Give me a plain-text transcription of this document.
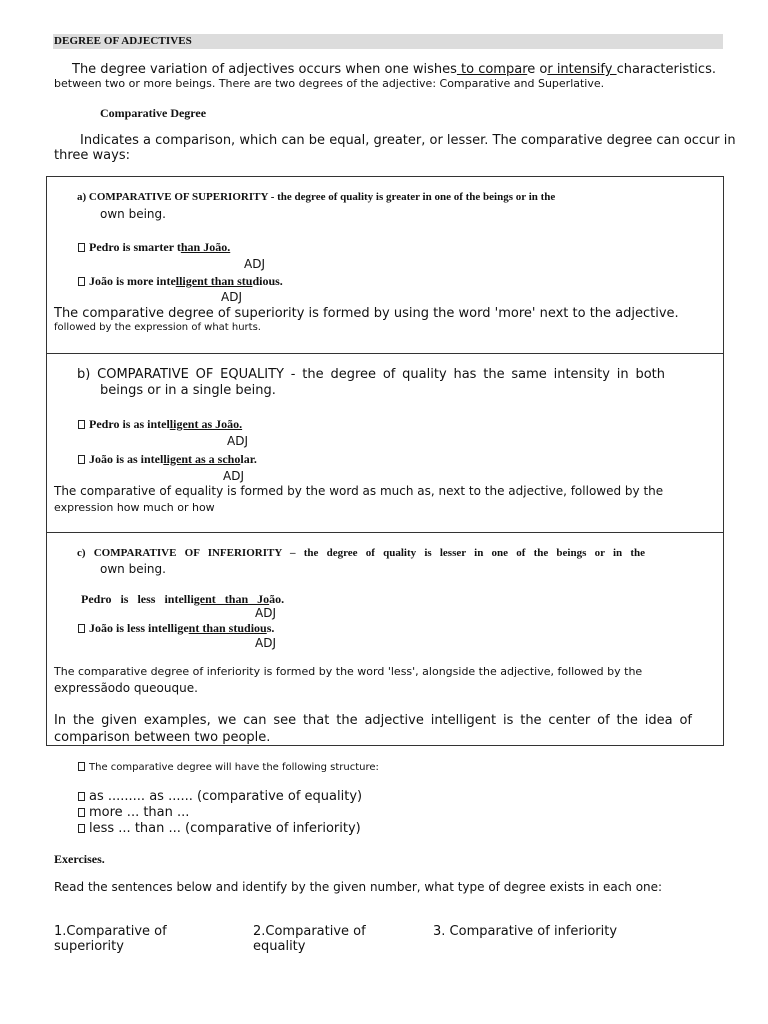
DEGREE OF ADJECTIVES
The degree variation of adjectives occurs when one wishes to compare or intensify characteristics.
between two or more beings. There are two degrees of the adjective: Comparative and Superlative.
Comparative Degree
Indicates a comparison, which can be equal, greater, or lesser. The comparative degree can occur in
three ways:
a) COMPARATIVE OF SUPERIORITY - the degree of quality is greater in one of the beings or in the
own being.
Pedro is smarter than João.
ADJ
João is more intelligent than studious.
ADJ
The comparative degree of superiority is formed by using the word 'more' next to the adjective.
followed by the expression of what hurts.
b) COMPARATIVE OF EQUALITY - the degree of quality has the same intensity in both
beings or in a single being.
Pedro is as intelligent as João.
ADJ
João is as intelligent as a scholar.
ADJ
The comparative of equality is formed by the word as much as, next to the adjective, followed by the
expression how much or how
c) COMPARATIVE OF INFERIORITY – the degree of quality is lesser in one of the beings or in the
own being.
Pedro   is   less   intelligent   than   João.
ADJ
João is less intelligent than studious.
ADJ
The comparative degree of inferiority is formed by the word 'less', alongside the adjective, followed by the
expressãodo queouque.
In the given examples, we can see that the adjective intelligent is the center of the idea of
comparison between two people.
The comparative degree will have the following structure:
as ......... as ...... (comparative of equality)
more ... than ...
less ... than ... (comparative of inferiority)
Exercises.
Read the sentences below and identify by the given number, what type of degree exists in each one:
1.Comparative of
superiority
2.Comparative of
equality
3. Comparative of inferiority
